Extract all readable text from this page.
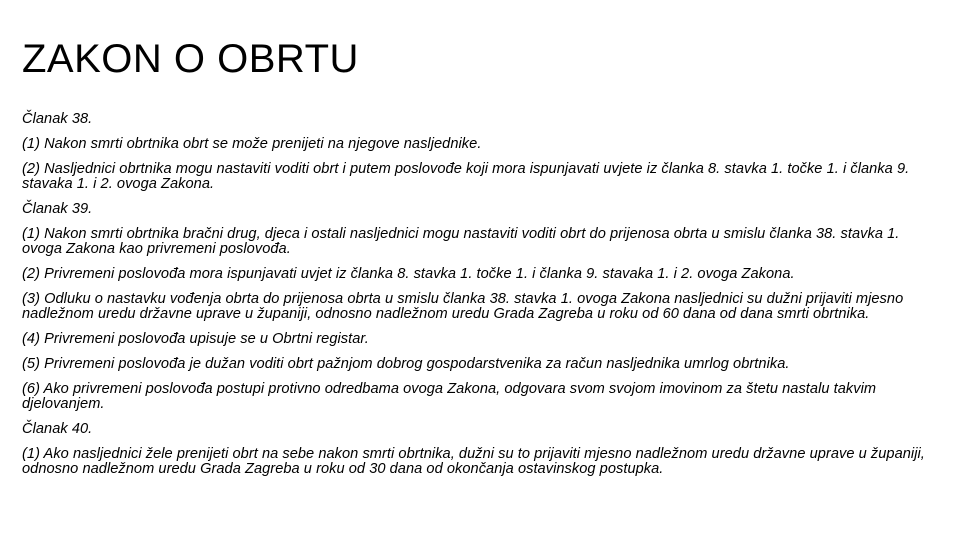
ZAKON O OBRTU

Članak 38.

(1) Nakon smrti obrtnika obrt se može prenijeti na njegove nasljednike.

(2) Nasljednici obrtnika mogu nastaviti voditi obrt i putem poslovođe koji mora ispunjavati uvjete iz članka 8. stavka 1. točke 1. i članka 9. stavaka 1. i 2. ovoga Zakona.

Članak 39.

(1) Nakon smrti obrtnika bračni drug, djeca i ostali nasljednici mogu nastaviti voditi obrt do prijenosa obrta u smislu članka 38. stavka 1. ovoga Zakona kao privremeni poslovođa.

(2) Privremeni poslovođa mora ispunjavati uvjet iz članka 8. stavka 1. točke 1. i članka 9. stavaka 1. i 2. ovoga Zakona.

(3) Odluku o nastavku vođenja obrta do prijenosa obrta u smislu članka 38. stavka 1. ovoga Zakona nasljednici su dužni prijaviti mjesno nadležnom uredu državne uprave u županiji, odnosno nadležnom uredu Grada Zagreba u roku od 60 dana od dana smrti obrtnika.

(4) Privremeni poslovođa upisuje se u Obrtni registar.

(5) Privremeni poslovođa je dužan voditi obrt pažnjom dobrog gospodarstvenika za račun nasljednika umrlog obrtnika.

(6) Ako privremeni poslovođa postupi protivno odredbama ovoga Zakona, odgovara svom svojom imovinom za štetu nastalu takvim djelovanjem.

Članak 40.

(1) Ako nasljednici žele prenijeti obrt na sebe nakon smrti obrtnika, dužni su to prijaviti mjesno nadležnom uredu državne uprave u županiji, odnosno nadležnom uredu Grada Zagreba u roku od 30 dana od okončanja ostavinskog postupka.
